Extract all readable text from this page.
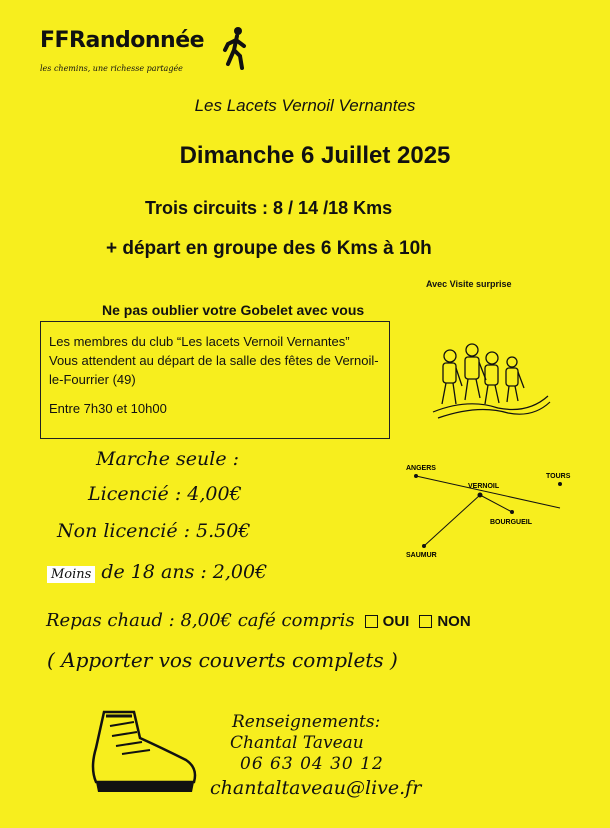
FFRandonnée
les chemins, une richesse partagée
Les Lacets Vernoil Vernantes
Dimanche 6 Juillet 2025
Trois circuits : 8 / 14 /18 Kms
+ départ en groupe des 6 Kms à 10h
Avec Visite surprise
Ne pas oublier votre Gobelet avec vous
Les membres du club “Les lacets Vernoil Vernantes” Vous attendent au départ de la salle des fêtes de Vernoil-le-Fourrier (49)
Entre 7h30 et 10h00
Marche seule :
Licencié : 4,00€
Non licencié : 5.50€
Moins de 18 ans : 2,00€
ANGERS
VERNOIL
TOURS
BOURGUEIL
SAUMUR
Repas chaud : 8,00€ café compris OUI NON
( Apporter vos couverts complets )
Renseignements:
Chantal Taveau
06 63 04 30 12
chantaltaveau@live.fr
